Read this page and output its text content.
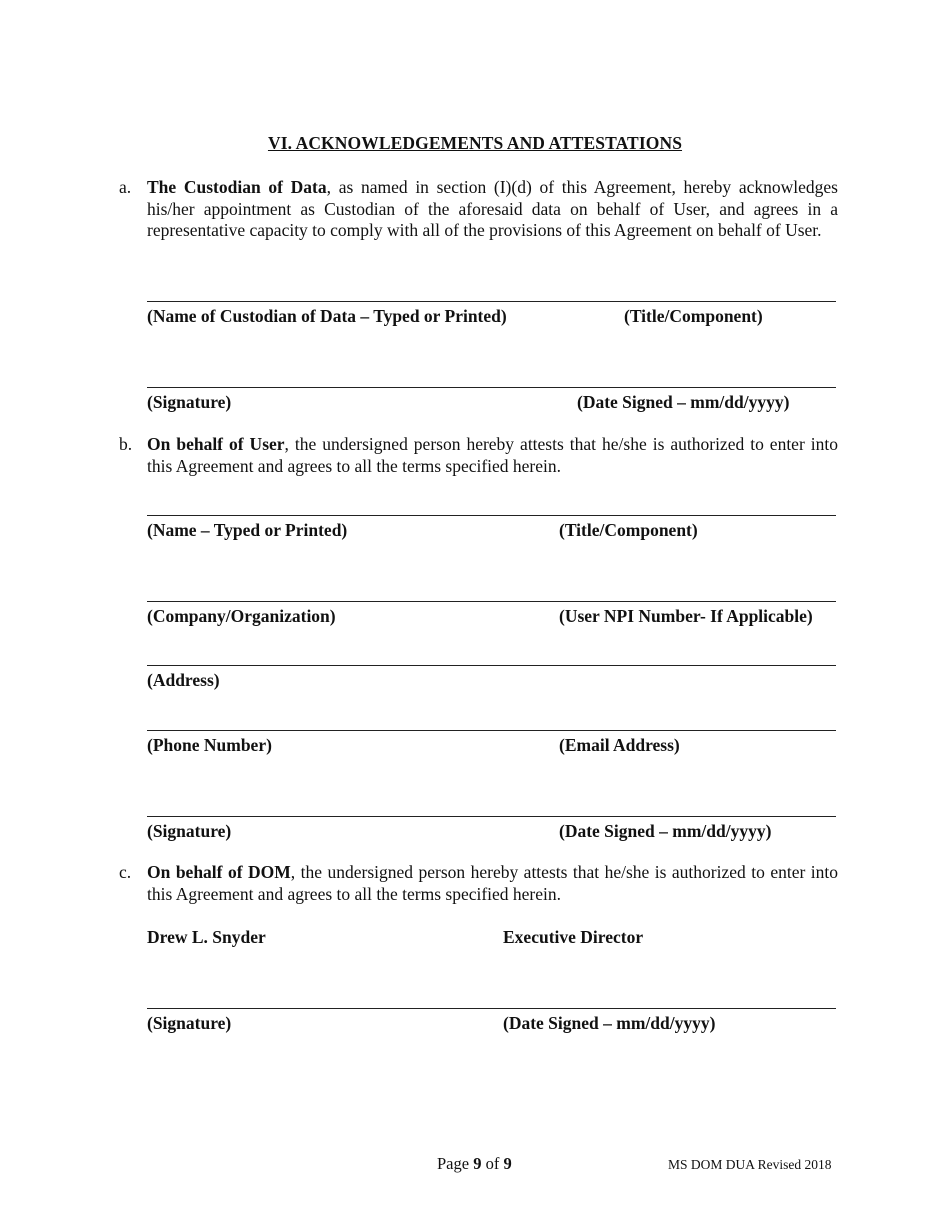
VI. ACKNOWLEDGEMENTS AND ATTESTATIONS
a. The Custodian of Data, as named in section (I)(d) of this Agreement, hereby acknowledges his/her appointment as Custodian of the aforesaid data on behalf of User, and agrees in a representative capacity to comply with all of the provisions of this Agreement on behalf of User.
(Name of Custodian of Data – Typed or Printed)	(Title/Component)
(Signature)	(Date Signed – mm/dd/yyyy)
b. On behalf of User, the undersigned person hereby attests that he/she is authorized to enter into this Agreement and agrees to all the terms specified herein.
(Name – Typed or Printed)	(Title/Component)
(Company/Organization)	(User NPI Number- If Applicable)
(Address)
(Phone Number)	(Email Address)
(Signature)	(Date Signed – mm/dd/yyyy)
c. On behalf of DOM, the undersigned person hereby attests that he/she is authorized to enter into this Agreement and agrees to all the terms specified herein.
Drew L. Snyder	Executive Director
(Signature)	(Date Signed – mm/dd/yyyy)
Page 9 of 9	MS DOM DUA Revised 2018
